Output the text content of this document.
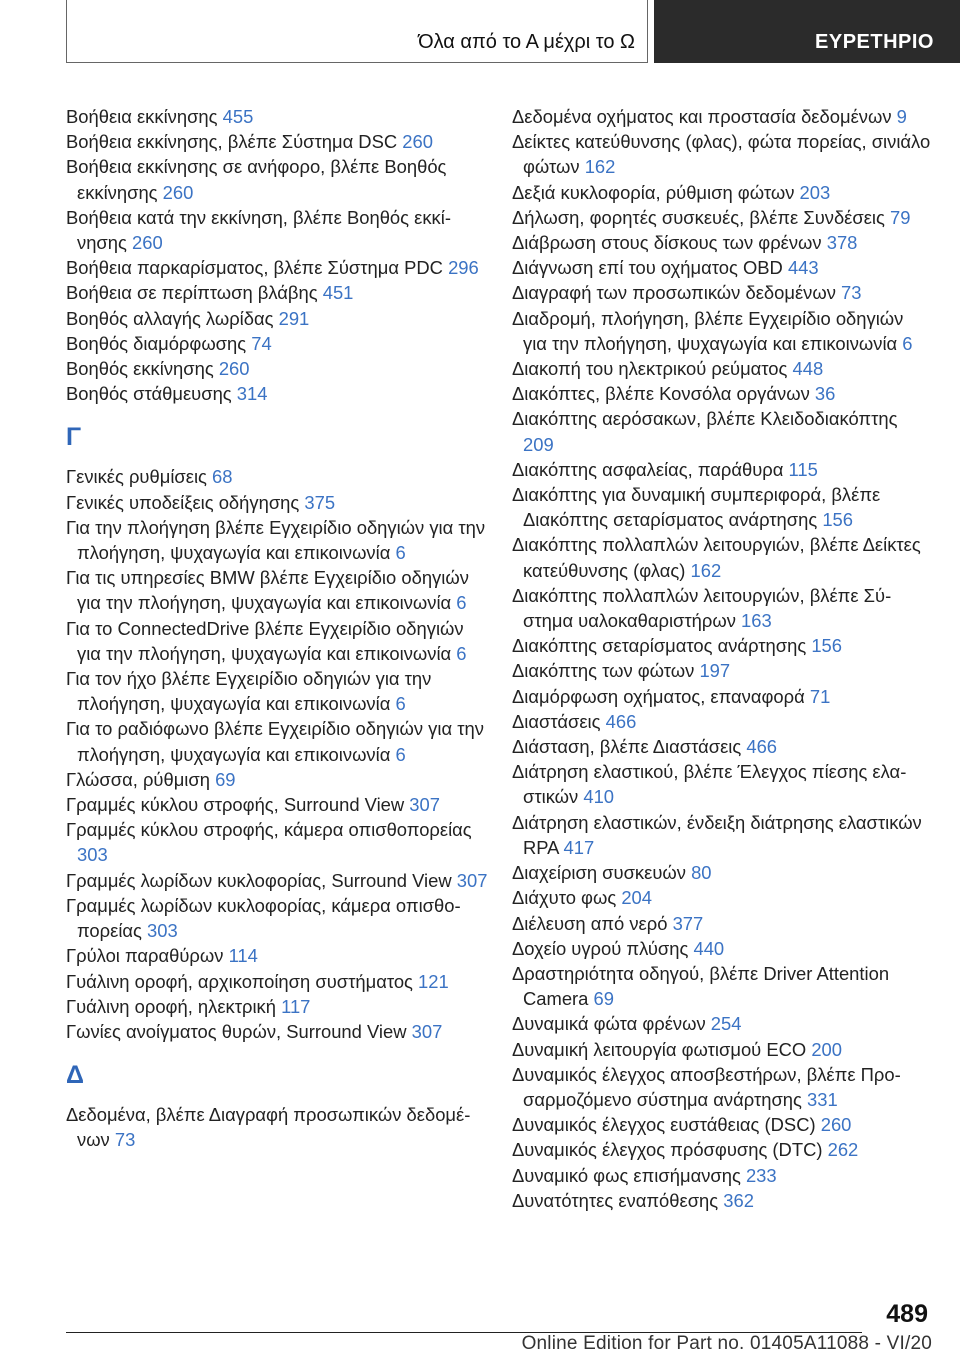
Όλα από το Α μέχρι το Ω	ΕΥΡΕΤΗΡΙΟ
Βοήθεια εκκίνησης 455
Βοήθεια εκκίνησης, βλέπε Σύστημα DSC 260
Βοήθεια εκκίνησης σε ανήφορο, βλέπε Βοηθός εκκίνησης 260
Βοήθεια κατά την εκκίνηση, βλέπε Βοηθός εκκίνησης 260
Βοήθεια παρκαρίσματος, βλέπε Σύστημα PDC 296
Βοήθεια σε περίπτωση βλάβης 451
Βοηθός αλλαγής λωρίδας 291
Βοηθός διαμόρφωσης 74
Βοηθός εκκίνησης 260
Βοηθός στάθμευσης 314
Γ
Γενικές ρυθμίσεις 68
Γενικές υποδείξεις οδήγησης 375
Για την πλοήγηση βλέπε Εγχειρίδιο οδηγιών για την πλοήγηση, ψυχαγωγία και επικοινωνία 6
Για τις υπηρεσίες BMW βλέπε Εγχειρίδιο οδηγιών για την πλοήγηση, ψυχαγωγία και επικοινωνία 6
Για το ConnectedDrive βλέπε Εγχειρίδιο οδηγιών για την πλοήγηση, ψυχαγωγία και επικοινωνία 6
Για τον ήχο βλέπε Εγχειρίδιο οδηγιών για την πλοήγηση, ψυχαγωγία και επικοινωνία 6
Για το ραδιόφωνο βλέπε Εγχειρίδιο οδηγιών για την πλοήγηση, ψυχαγωγία και επικοινωνία 6
Γλώσσα, ρύθμιση 69
Γραμμές κύκλου στροφής, Surround View 307
Γραμμές κύκλου στροφής, κάμερα οπισθοπορείας 303
Γραμμές λωρίδων κυκλοφορίας, Surround View 307
Γραμμές λωρίδων κυκλοφορίας, κάμερα οπισθοπορείας 303
Γρύλοι παραθύρων 114
Γυάλινη οροφή, αρχικοποίηση συστήματος 121
Γυάλινη οροφή, ηλεκτρική 117
Γωνίες ανοίγματος θυρών, Surround View 307
Δ
Δεδομένα, βλέπε Διαγραφή προσωπικών δεδομένων 73
Δεδομένα οχήματος και προστασία δεδομένων 9
Δείκτες κατεύθυνσης (φλας), φώτα πορείας, σινιάλο φώτων 162
Δεξιά κυκλοφορία, ρύθμιση φώτων 203
Δήλωση, φορητές συσκευές, βλέπε Συνδέσεις 79
Διάβρωση στους δίσκους των φρένων 378
Διάγνωση επί του οχήματος OBD 443
Διαγραφή των προσωπικών δεδομένων 73
Διαδρομή, πλοήγηση, βλέπε Εγχειρίδιο οδηγιών για την πλοήγηση, ψυχαγωγία και επικοινωνία 6
Διακοπή του ηλεκτρικού ρεύματος 448
Διακόπτες, βλέπε Κονσόλα οργάνων 36
Διακόπτης αερόσακων, βλέπε Κλειδοδιακόπτης 209
Διακόπτης ασφαλείας, παράθυρα 115
Διακόπτης για δυναμική συμπεριφορά, βλέπε Διακόπτης σεταρίσματος ανάρτησης 156
Διακόπτης πολλαπλών λειτουργιών, βλέπε Δείκτες κατεύθυνσης (φλας) 162
Διακόπτης πολλαπλών λειτουργιών, βλέπε Σύστημα υαλοκαθαριστήρων 163
Διακόπτης σεταρίσματος ανάρτησης 156
Διακόπτης των φώτων 197
Διαμόρφωση οχήματος, επαναφορά 71
Διαστάσεις 466
Διάσταση, βλέπε Διαστάσεις 466
Διάτρηση ελαστικού, βλέπε Έλεγχος πίεσης ελαστικών 410
Διάτρηση ελαστικών, ένδειξη διάτρησης ελαστικών RPA 417
Διαχείριση συσκευών 80
Διάχυτο φως 204
Διέλευση από νερό 377
Δοχείο υγρού πλύσης 440
Δραστηριότητα οδηγού, βλέπε Driver Attention Camera 69
Δυναμικά φώτα φρένων 254
Δυναμική λειτουργία φωτισμού ECO 200
Δυναμικός έλεγχος αποσβεστήρων, βλέπε Προσαρμοζόμενο σύστημα ανάρτησης 331
Δυναμικός έλεγχος ευστάθειας (DSC) 260
Δυναμικός έλεγχος πρόσφυσης (DTC) 262
Δυναμικό φως επισήμανσης 233
Δυνατότητες εναπόθεσης 362
489
Online Edition for Part no. 01405A11088 - VI/20
